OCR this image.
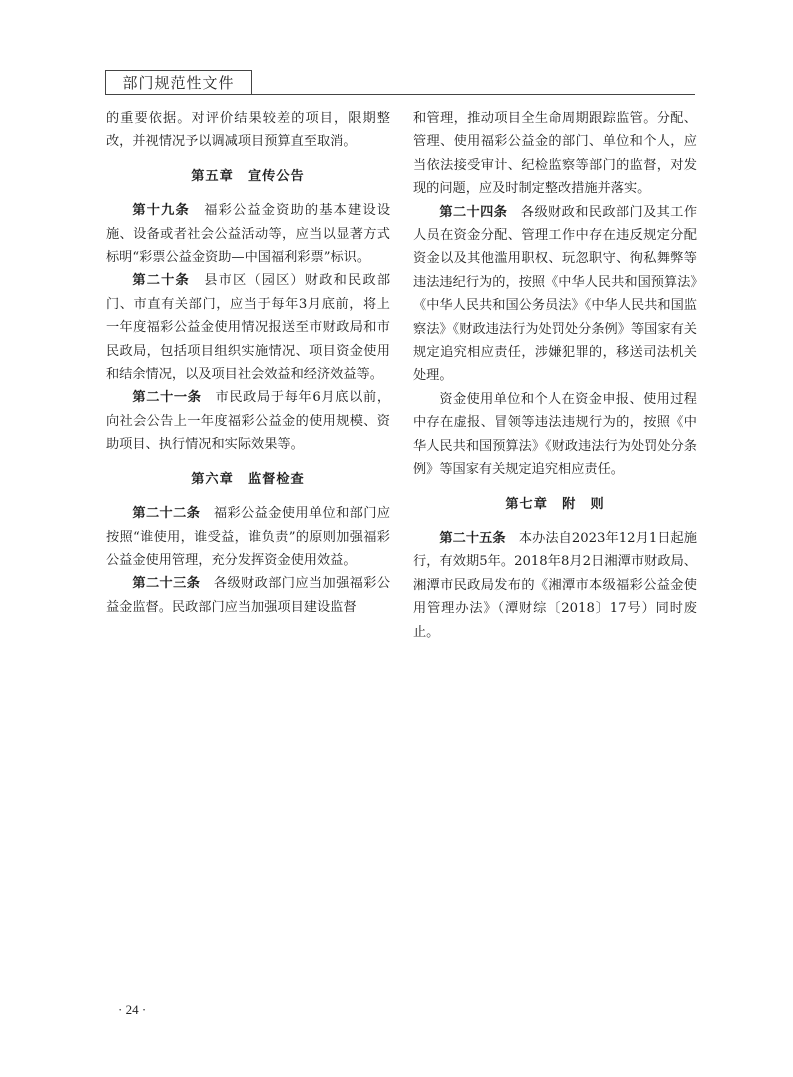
部门规范性文件

的重要依据。对评价结果较差的项目，限期整改，并视情况予以调减项目预算直至取消。

第五章　宣传公告

第十九条　福彩公益金资助的基本建设设施、设备或者社会公益活动等，应当以显著方式标明“彩票公益金资助—中国福利彩票”标识。

第二十条　县市区（园区）财政和民政部门、市直有关部门，应当于每年3月底前，将上一年度福彩公益金使用情况报送至市财政局和市民政局，包括项目组织实施情况、项目资金使用和结余情况，以及项目社会效益和经济效益等。

第二十一条　市民政局于每年6月底以前，向社会公告上一年度福彩公益金的使用规模、资助项目、执行情况和实际效果等。

第六章　监督检查

第二十二条　福彩公益金使用单位和部门应按照“谁使用，谁受益，谁负责”的原则加强福彩公益金使用管理，充分发挥资金使用效益。

第二十三条　各级财政部门应当加强福彩公益金监督。民政部门应当加强项目建设监督

和管理，推动项目全生命周期跟踪监管。分配、管理、使用福彩公益金的部门、单位和个人，应当依法接受审计、纪检监察等部门的监督，对发现的问题，应及时制定整改措施并落实。

第二十四条　各级财政和民政部门及其工作人员在资金分配、管理工作中存在违反规定分配资金以及其他滥用职权、玩忽职守、徇私舞弊等违法违纪行为的，按照《中华人民共和国预算法》《中华人民共和国公务员法》《中华人民共和国监察法》《财政违法行为处罚处分条例》等国家有关规定追究相应责任，涉嫌犯罪的，移送司法机关处理。

资金使用单位和个人在资金申报、使用过程中存在虚报、冒领等违法违规行为的，按照《中华人民共和国预算法》《财政违法行为处罚处分条例》等国家有关规定追究相应责任。

第七章　附　则

第二十五条　本办法自2023年12月1日起施行，有效期5年。2018年8月2日湘潭市财政局、湘潭市民政局发布的《湘潭市本级福彩公益金使用管理办法》（潭财综〔2018〕17号）同时废止。

· 24 ·
